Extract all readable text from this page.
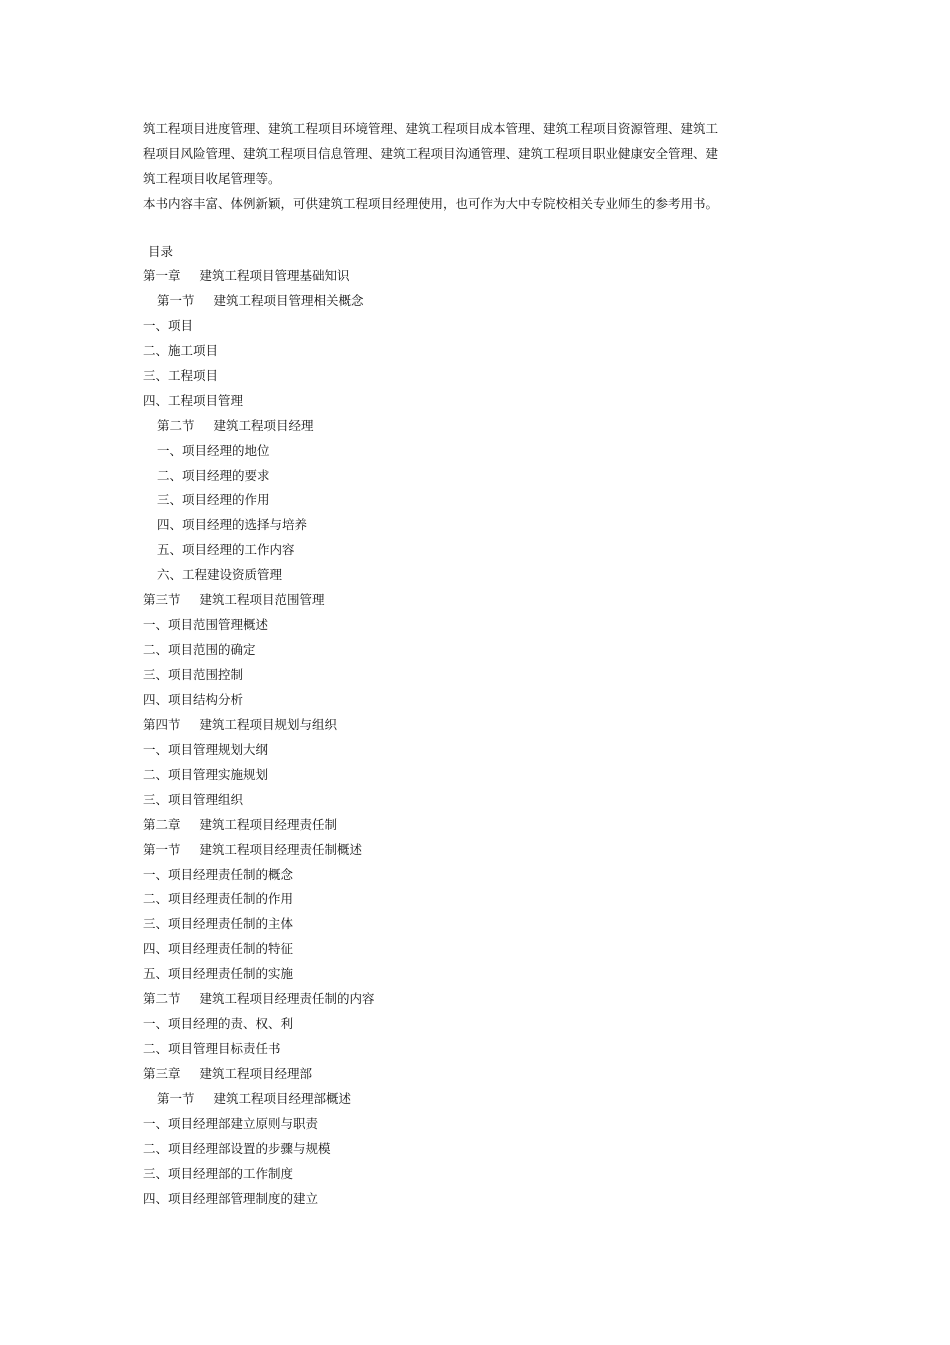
筑工程项目进度管理、建筑工程项目环境管理、建筑工程项目成本管理、建筑工程项目资源管理、建筑工

程项目风险管理、建筑工程项目信息管理、建筑工程项目沟通管理、建筑工程项目职业健康安全管理、建

筑工程项目收尾管理等。

本书内容丰富、体例新颖，可供建筑工程项目经理使用，也可作为大中专院校相关专业师生的参考用书。

目录
第一章 建筑工程项目管理基础知识
第一节 建筑工程项目管理相关概念
一、项目
二、施工项目
三、工程项目
四、工程项目管理
第二节 建筑工程项目经理
一、项目经理的地位
二、项目经理的要求
三、项目经理的作用
四、项目经理的选择与培养
五、项目经理的工作内容
六、工程建设资质管理
第三节 建筑工程项目范围管理
一、项目范围管理概述
二、项目范围的确定
三、项目范围控制
四、项目结构分析
第四节 建筑工程项目规划与组织
一、项目管理规划大纲
二、项目管理实施规划
三、项目管理组织
第二章 建筑工程项目经理责任制
第一节 建筑工程项目经理责任制概述
一、项目经理责任制的概念
二、项目经理责任制的作用
三、项目经理责任制的主体
四、项目经理责任制的特征
五、项目经理责任制的实施
第二节 建筑工程项目经理责任制的内容
一、项目经理的责、权、利
二、项目管理目标责任书
第三章 建筑工程项目经理部
第一节 建筑工程项目经理部概述
一、项目经理部建立原则与职责
二、项目经理部设置的步骤与规模
三、项目经理部的工作制度
四、项目经理部管理制度的建立
